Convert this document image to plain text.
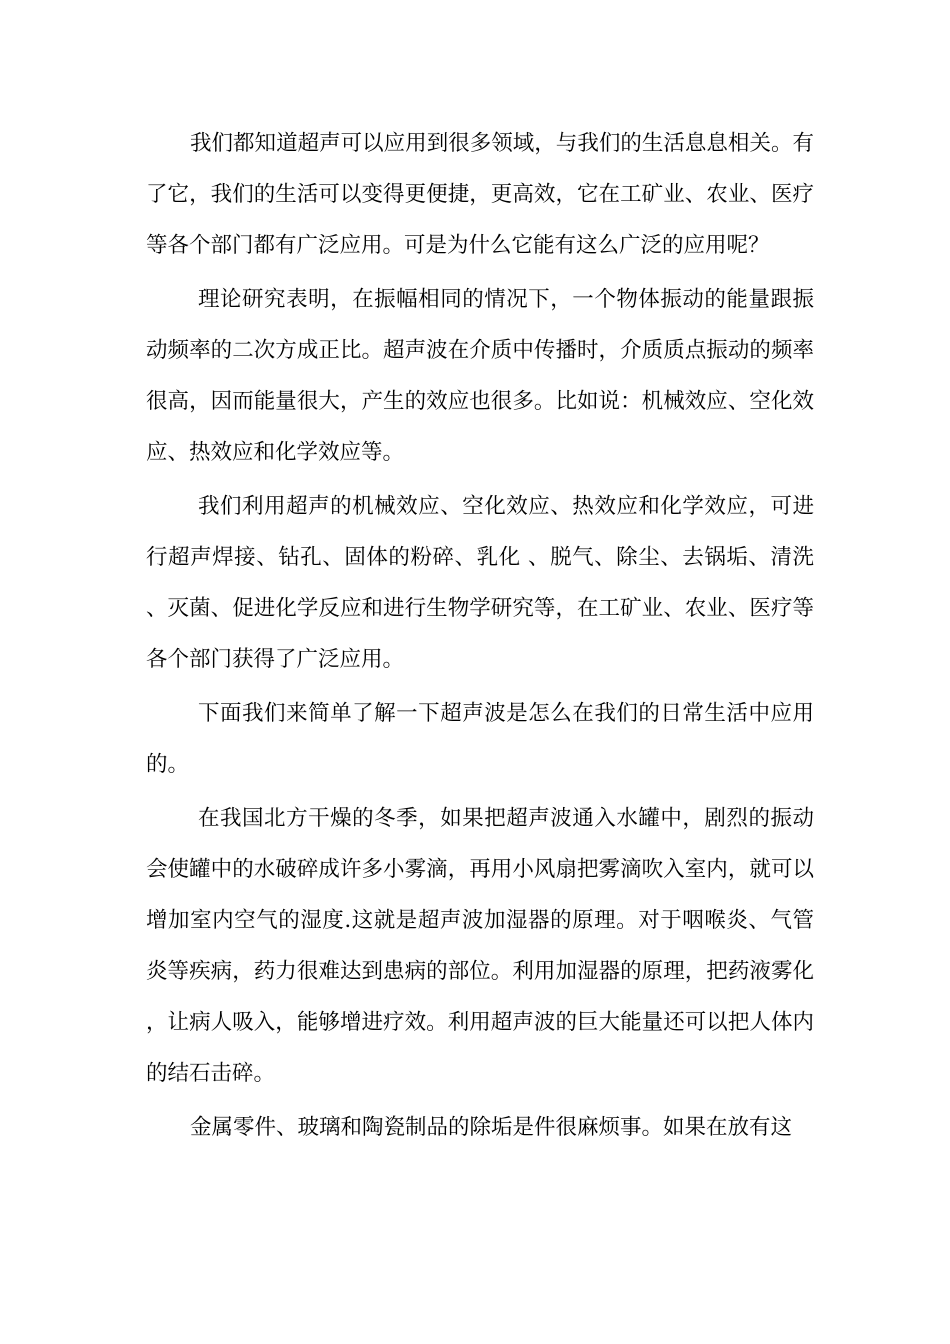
我们都知道超声可以应用到很多领域，与我们的生活息息相关。有了它，我们的生活可以变得更便捷，更高效，它在工矿业、农业、医疗等各个部门都有广泛应用。可是为什么它能有这么广泛的应用呢？

理论研究表明，在振幅相同的情况下，一个物体振动的能量跟振动频率的二次方成正比。超声波在介质中传播时，介质质点振动的频率很高，因而能量很大，产生的效应也很多。比如说：机械效应、空化效应、热效应和化学效应等。

我们利用超声的机械效应、空化效应、热效应和化学效应，可进行超声焊接、钻孔、固体的粉碎、乳化 、脱气、除尘、去锅垢、清洗、灭菌、促进化学反应和进行生物学研究等，在工矿业、农业、医疗等各个部门获得了广泛应用。

下面我们来简单了解一下超声波是怎么在我们的日常生活中应用的。

在我国北方干燥的冬季，如果把超声波通入水罐中，剧烈的振动会使罐中的水破碎成许多小雾滴，再用小风扇把雾滴吹入室内，就可以增加室内空气的湿度.这就是超声波加湿器的原理。对于咽喉炎、气管炎等疾病，药力很难达到患病的部位。利用加湿器的原理，把药液雾化，让病人吸入，能够增进疗效。利用超声波的巨大能量还可以把人体内的结石击碎。

金属零件、玻璃和陶瓷制品的除垢是件很麻烦事。如果在放有这
